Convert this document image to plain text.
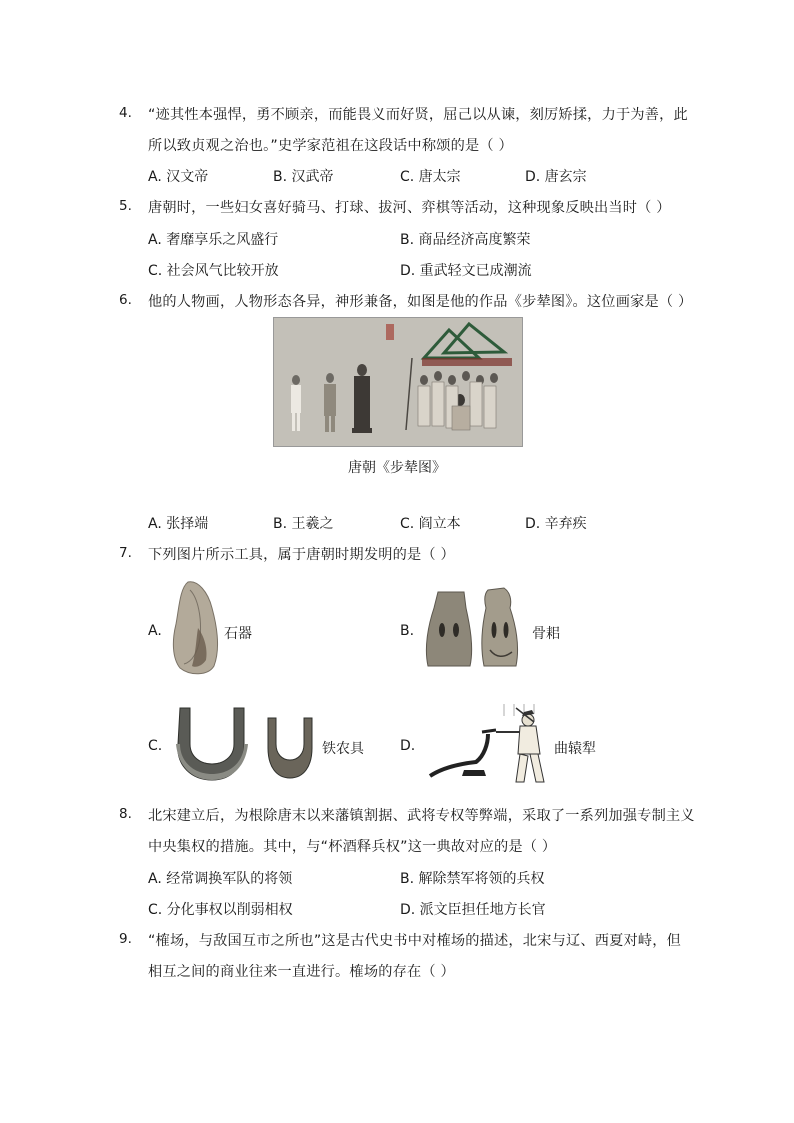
4. “迹其性本强悍，勇不顾亲，而能畏义而好贤，屈己以从谏，刻厉矫揉，力于为善，此
所以致贞观之治也。”史学家范祖在这段话中称颂的是（ ）
A. 汉文帝	B. 汉武帝	C. 唐太宗	D. 唐玄宗
5. 唐朝时，一些妇女喜好骑马、打球、拔河、弈棋等活动，这种现象反映出当时（ ）
A. 奢靡享乐之风盛行	B. 商品经济高度繁荣
C. 社会风气比较开放	D. 重武轻文已成潮流
6. 他的人物画，人物形态各异，神形兼备，如图是他的作品《步辇图》。这位画家是（ ）
唐朝《步辇图》
A. 张择端	B. 王羲之	C. 阎立本	D. 辛弃疾
7. 下列图片所示工具，属于唐朝时期发明的是（ ）
A.	石器	B.	骨耜
C.	铁农具	D.	曲辕犁
8. 北宋建立后，为根除唐末以来藩镇割据、武将专权等弊端，采取了一系列加强专制主义
中央集权的措施。其中，与“杯酒释兵权”这一典故对应的是（ ）
A. 经常调换军队的将领	B. 解除禁军将领的兵权
C. 分化事权以削弱相权	D. 派文臣担任地方长官
9. “榷场，与敌国互市之所也”这是古代史书中对榷场的描述，北宋与辽、西夏对峙，但
相互之间的商业往来一直进行。榷场的存在（ ）
